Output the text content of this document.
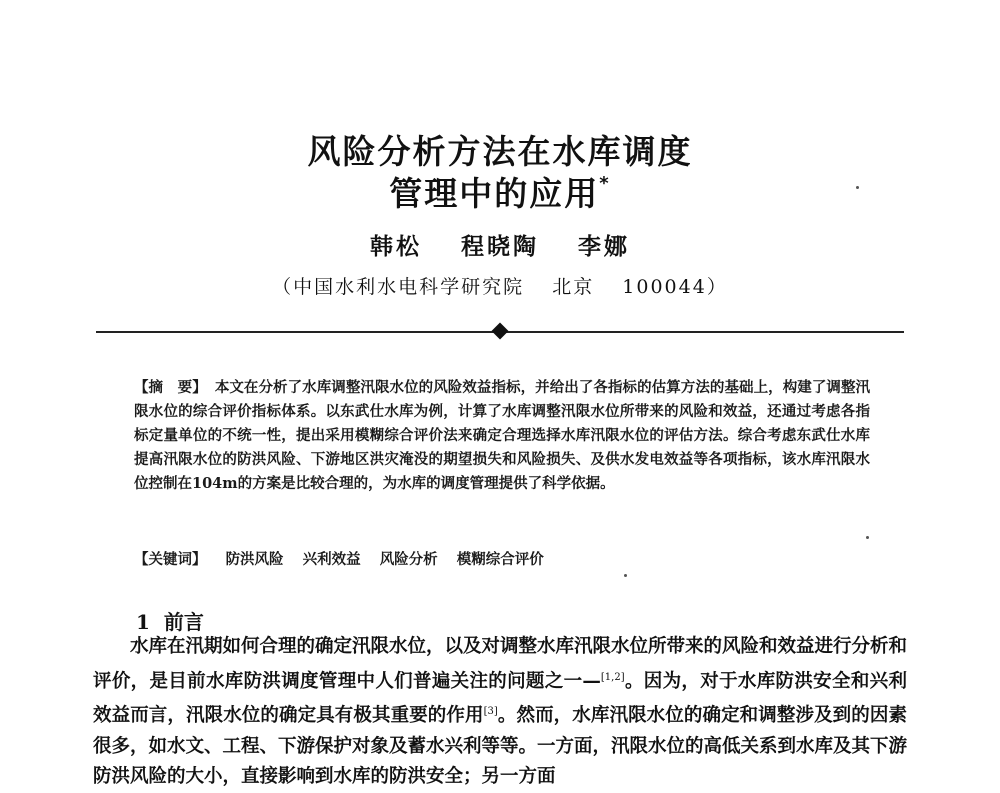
风险分析方法在水库调度
管理中的应用*
韩松 程晓陶 李娜
（中国水利水电科学研究院 北京 100044）
【摘　要】 本文在分析了水库调整汛限水位的风险效益指标，并给出了各指标的估算方法的基础上，构建了调整汛限水位的综合评价指标体系。以东武仕水库为例，计算了水库调整汛限水位所带来的风险和效益，还通过考虑各指标定量单位的不统一性，提出采用模糊综合评价法来确定合理选择水库汛限水位的评估方法。综合考虑东武仕水库提高汛限水位的防洪风险、下游地区洪灾淹没的期望损失和风险损失、及供水发电效益等各项指标，该水库汛限水位控制在104m的方案是比较合理的，为水库的调度管理提供了科学依据。
【关键词】 防洪风险 兴利效益 风险分析 模糊综合评价
1 前言

水库在汛期如何合理的确定汛限水位，以及对调整水库汛限水位所带来的风险和效益进行分析和评价，是目前水库防洪调度管理中人们普遍关注的问题之一—[1,2]。因为，对于水库防洪安全和兴利效益而言，汛限水位的确定具有极其重要的作用[3]。然而，水库汛限水位的确定和调整涉及到的因素很多，如水文、工程、下游保护对象及蓄水兴利等等。一方面，汛限水位的高低关系到水库及其下游防洪风险的大小，直接影响到水库的防洪安全；另一方面
